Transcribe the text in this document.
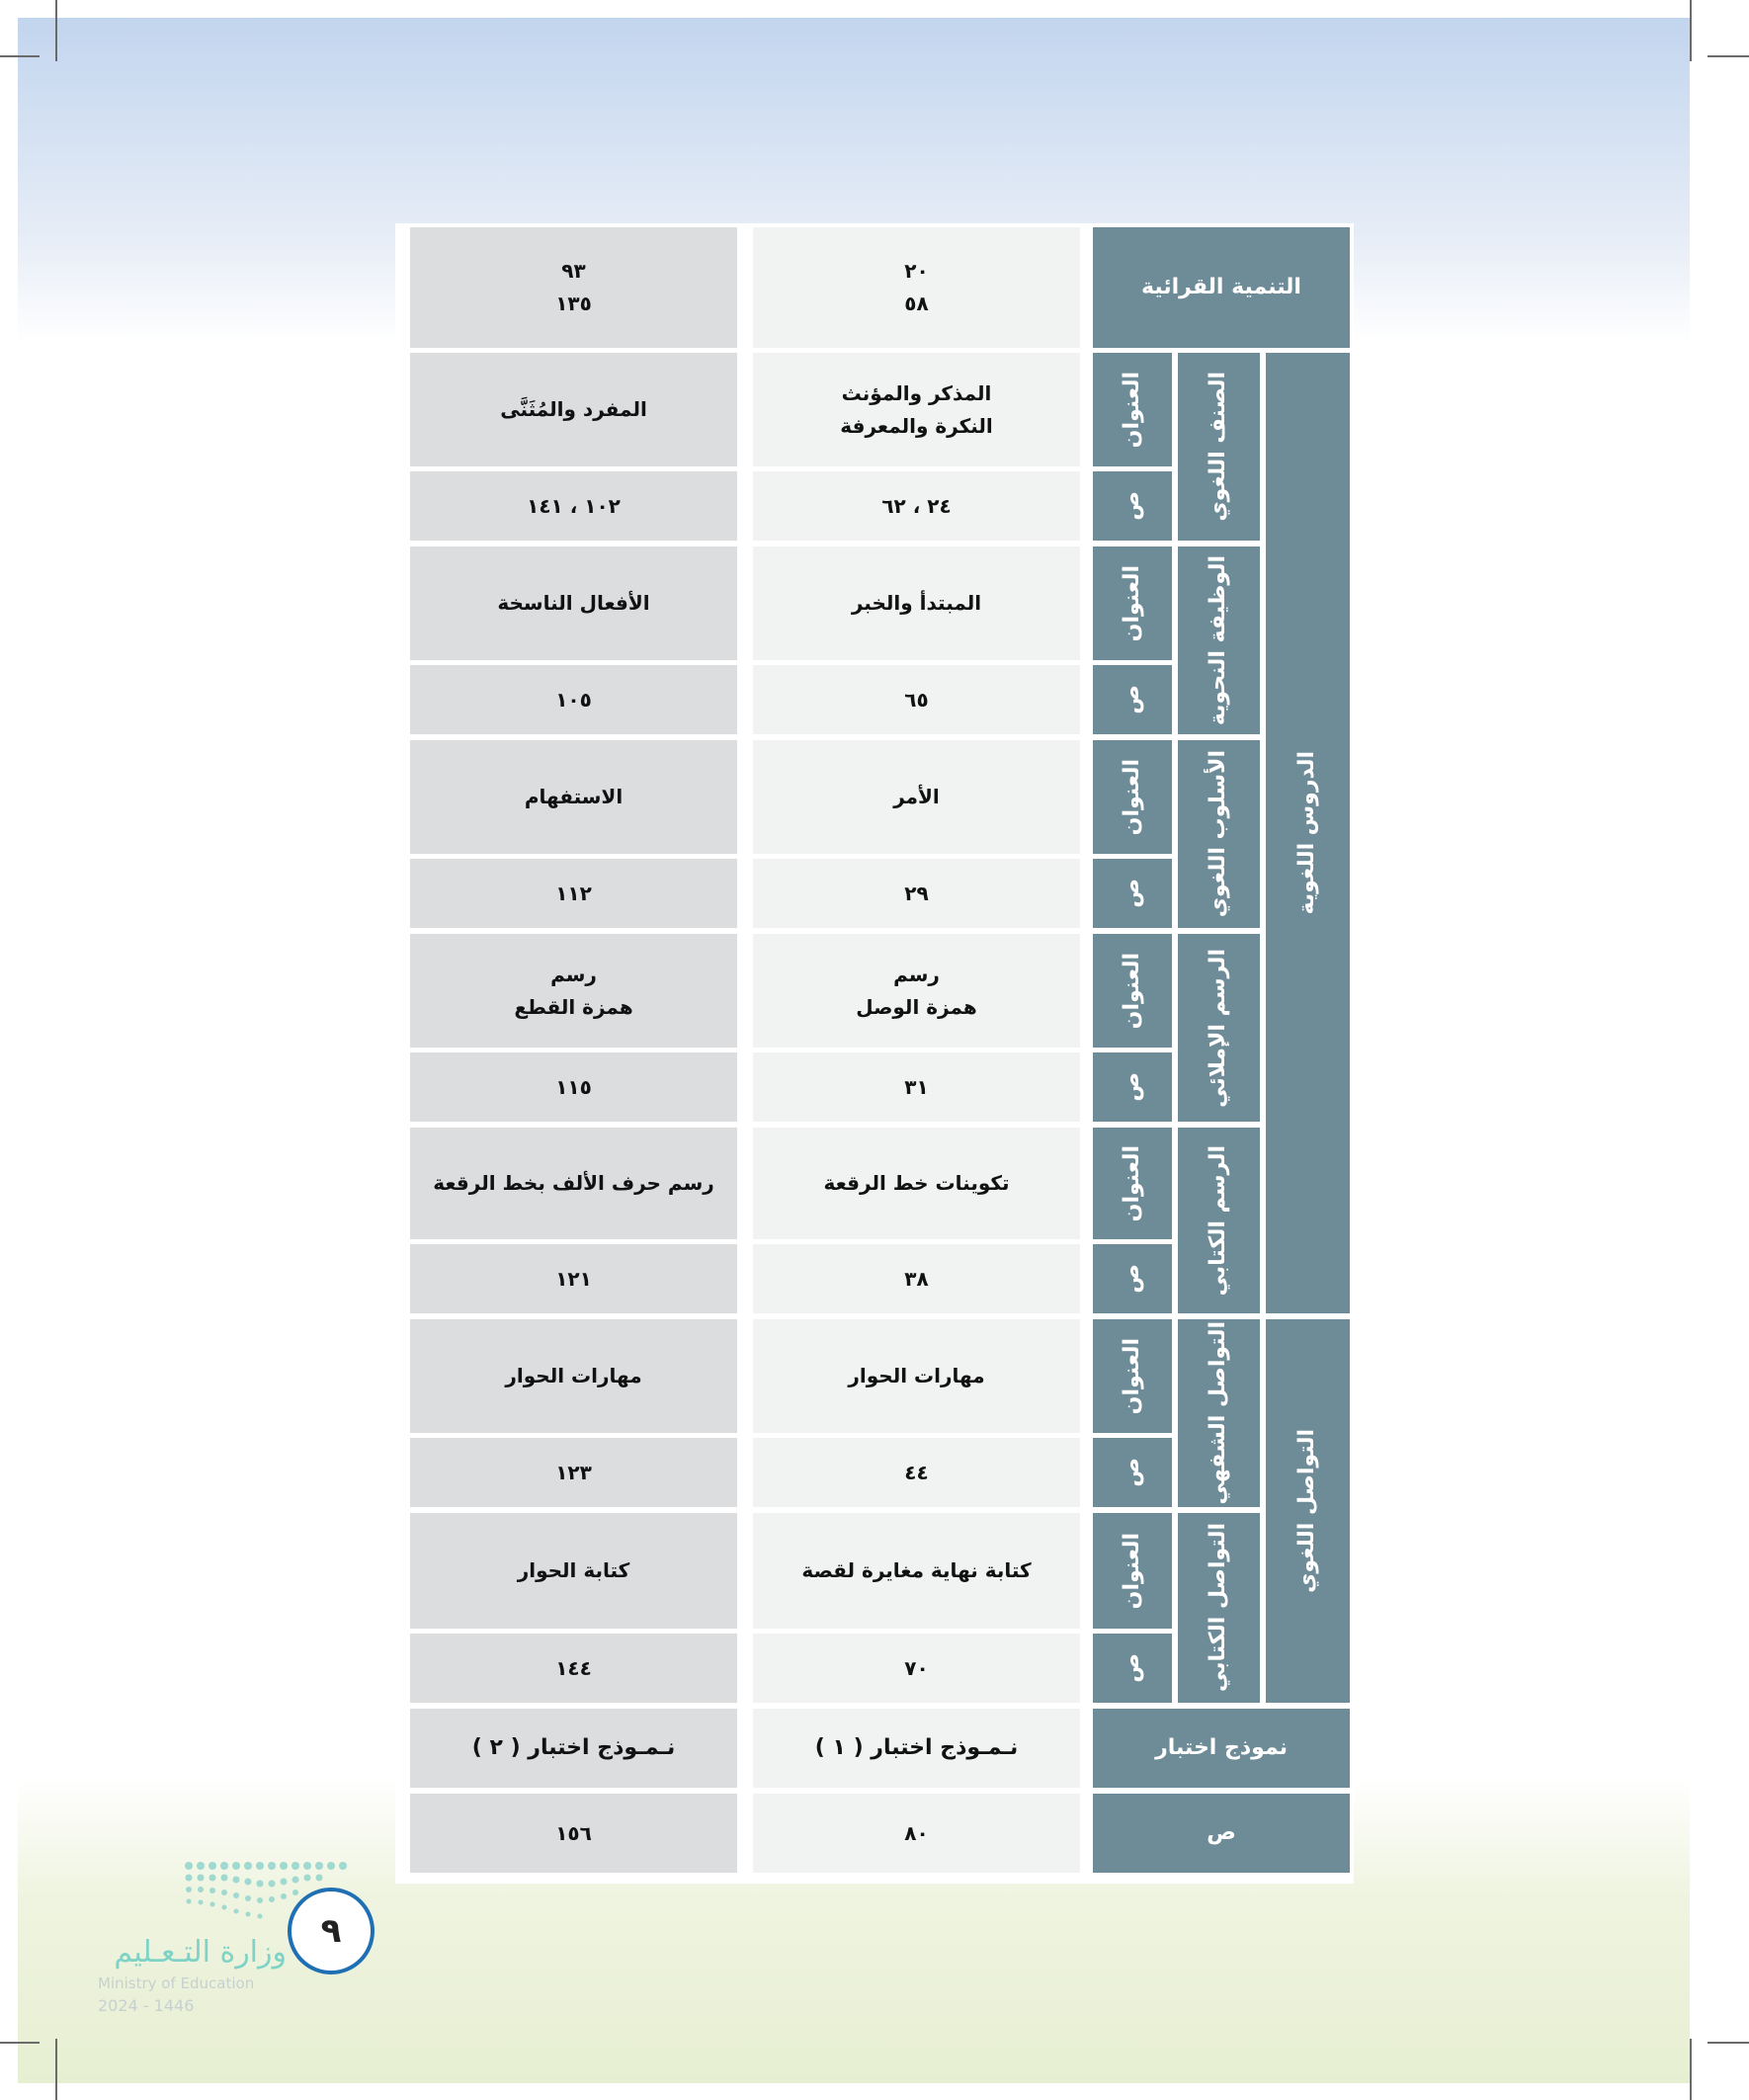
التنمية القرائية
٢٠
٥٨
٩٣
١٣٥
الدروس اللغوية
التواصل اللغوي
الصنف اللغوي
العنوان
ص
المذكر والمؤنث
النكرة والمعرفة
المفرد والمُثَنَّى
٢٤ ، ٦٢
١٠٢ ، ١٤١
الوظيفة النحوية
العنوان
ص
المبتدأ والخبر
الأفعال الناسخة
٦٥
١٠٥
الأسلوب اللغوي
العنوان
ص
الأمر
الاستفهام
٢٩
١١٢
الرسم الإملائي
العنوان
ص
رسم
همزة الوصل
رسم
همزة القطع
٣١
١١٥
الرسم الكتابي
العنوان
ص
تكوينات خط الرقعة
رسم حرف الألف بخط الرقعة
٣٨
١٢١
التواصل الشفهي
العنوان
ص
مهارات الحوار
مهارات الحوار
٤٤
١٢٣
التواصل الكتابي
العنوان
ص
كتابة نهاية مغايرة لقصة
كتابة الحوار
٧٠
١٤٤
نموذج اختبار
نـمـوذج اختبار ( ١ )
نـمـوذج اختبار ( ٢ )
ص
٨٠
١٥٦
وزارة التـعـليم
Ministry of Education
2024 - 1446
٩
